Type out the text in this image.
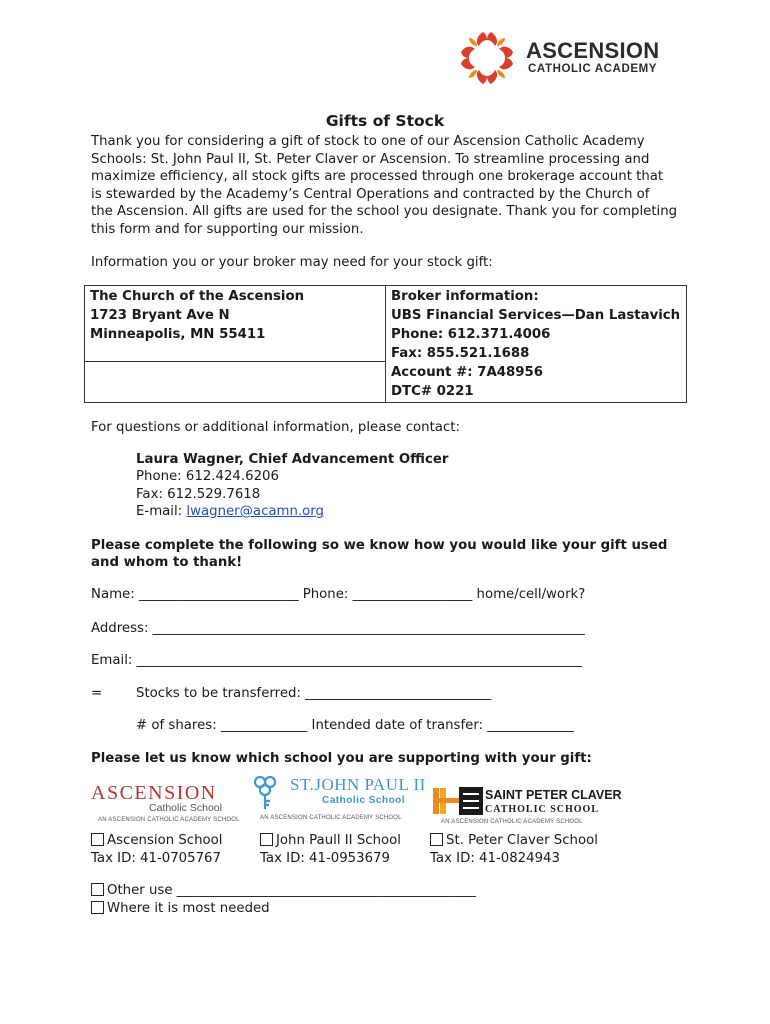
ASCENSION
CATHOLIC ACADEMY
Gifts of Stock
Thank you for considering a gift of stock to one of our Ascension Catholic Academy
Schools: St. John Paul II, St. Peter Claver or Ascension. To streamline processing and
maximize efficiency, all stock gifts are processed through one brokerage account that
is stewarded by the Academy’s Central Operations and contracted by the Church of
the Ascension. All gifts are used for the school you designate. Thank you for completing
this form and for supporting our mission.
Information you or your broker may need for your stock gift:
The Church of the Ascension
1723 Bryant Ave N
Minneapolis, MN 55411

Broker information:
UBS Financial Services—Dan Lastavich
Phone: 612.371.4006
Fax: 855.521.1688
Account #: 7A48956
DTC# 0221

For questions or additional information, please contact:
Laura Wagner, Chief Advancement Officer
Phone: 612.424.6206
Fax: 612.529.7618
E-mail: lwagner@acamn.org
Please complete the following so we know how you would like your gift used
and whom to thank!
Name: ________________________ Phone: __________________ home/cell/work?
Address: _________________________________________________________________
Email: ___________________________________________________________________
=	Stocks to be transferred: ____________________________
# of shares: _____________ Intended date of transfer: _____________
Please let us know which school you are supporting with your gift:
ASCENSION
Catholic School
AN ASCENSION CATHOLIC ACADEMY SCHOOL
ST.JOHN PAUL II
Catholic School
AN ASCENSION CATHOLIC ACADEMY SCHOOL
SAINT PETER CLAVER
CATHOLIC SCHOOL
AN ASCENSION CATHOLIC ACADEMY SCHOOL
Ascension School
Tax ID: 41-0705767
John Paull II School
Tax ID: 41-0953679
St. Peter Claver School
Tax ID: 41-0824943
Other use _____________________________________________
Where it is most needed
